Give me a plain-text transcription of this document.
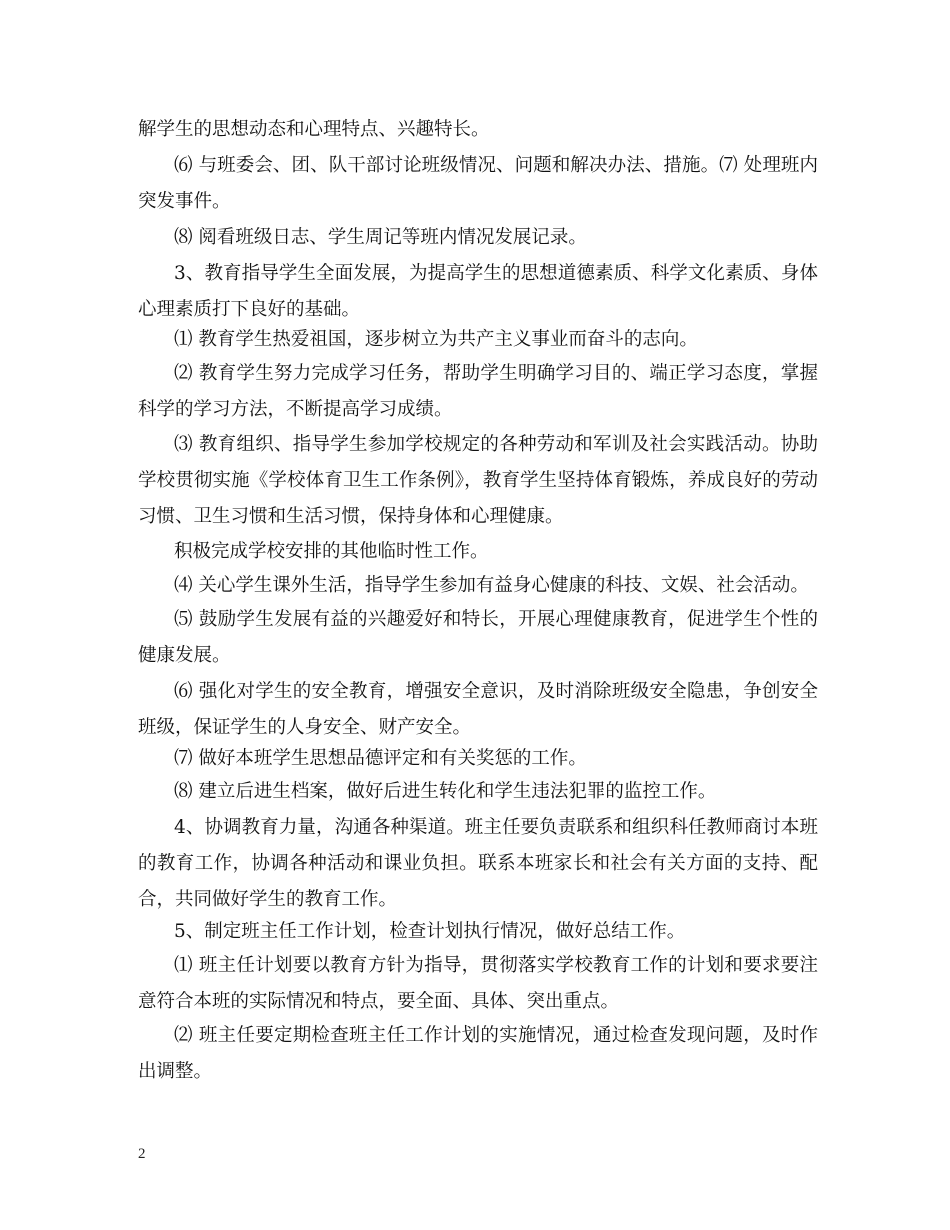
解学生的思想动态和心理特点、兴趣特长。

⑹ 与班委会、团、队干部讨论班级情况、问题和解决办法、措施。⑺ 处理班内突发事件。

⑻ 阅看班级日志、学生周记等班内情况发展记录。

3、教育指导学生全面发展，为提高学生的思想道德素质、科学文化素质、身体心理素质打下良好的基础。

⑴ 教育学生热爱祖国，逐步树立为共产主义事业而奋斗的志向。

⑵ 教育学生努力完成学习任务，帮助学生明确学习目的、端正学习态度，掌握科学的学习方法，不断提高学习成绩。

⑶ 教育组织、指导学生参加学校规定的各种劳动和军训及社会实践活动。协助学校贯彻实施《学校体育卫生工作条例》，教育学生坚持体育锻炼，养成良好的劳动习惯、卫生习惯和生活习惯，保持身体和心理健康。

积极完成学校安排的其他临时性工作。

⑷ 关心学生课外生活，指导学生参加有益身心健康的科技、文娱、社会活动。

⑸ 鼓励学生发展有益的兴趣爱好和特长，开展心理健康教育，促进学生个性的健康发展。

⑹ 强化对学生的安全教育，增强安全意识，及时消除班级安全隐患，争创安全班级，保证学生的人身安全、财产安全。

⑺ 做好本班学生思想品德评定和有关奖惩的工作。

⑻ 建立后进生档案，做好后进生转化和学生违法犯罪的监控工作。

4、协调教育力量，沟通各种渠道。班主任要负责联系和组织科任教师商讨本班的教育工作，协调各种活动和课业负担。联系本班家长和社会有关方面的支持、配合，共同做好学生的教育工作。

5、制定班主任工作计划，检查计划执行情况，做好总结工作。

⑴ 班主任计划要以教育方针为指导，贯彻落实学校教育工作的计划和要求要注意符合本班的实际情况和特点，要全面、具体、突出重点。

⑵ 班主任要定期检查班主任工作计划的实施情况，通过检查发现问题，及时作出调整。

2
